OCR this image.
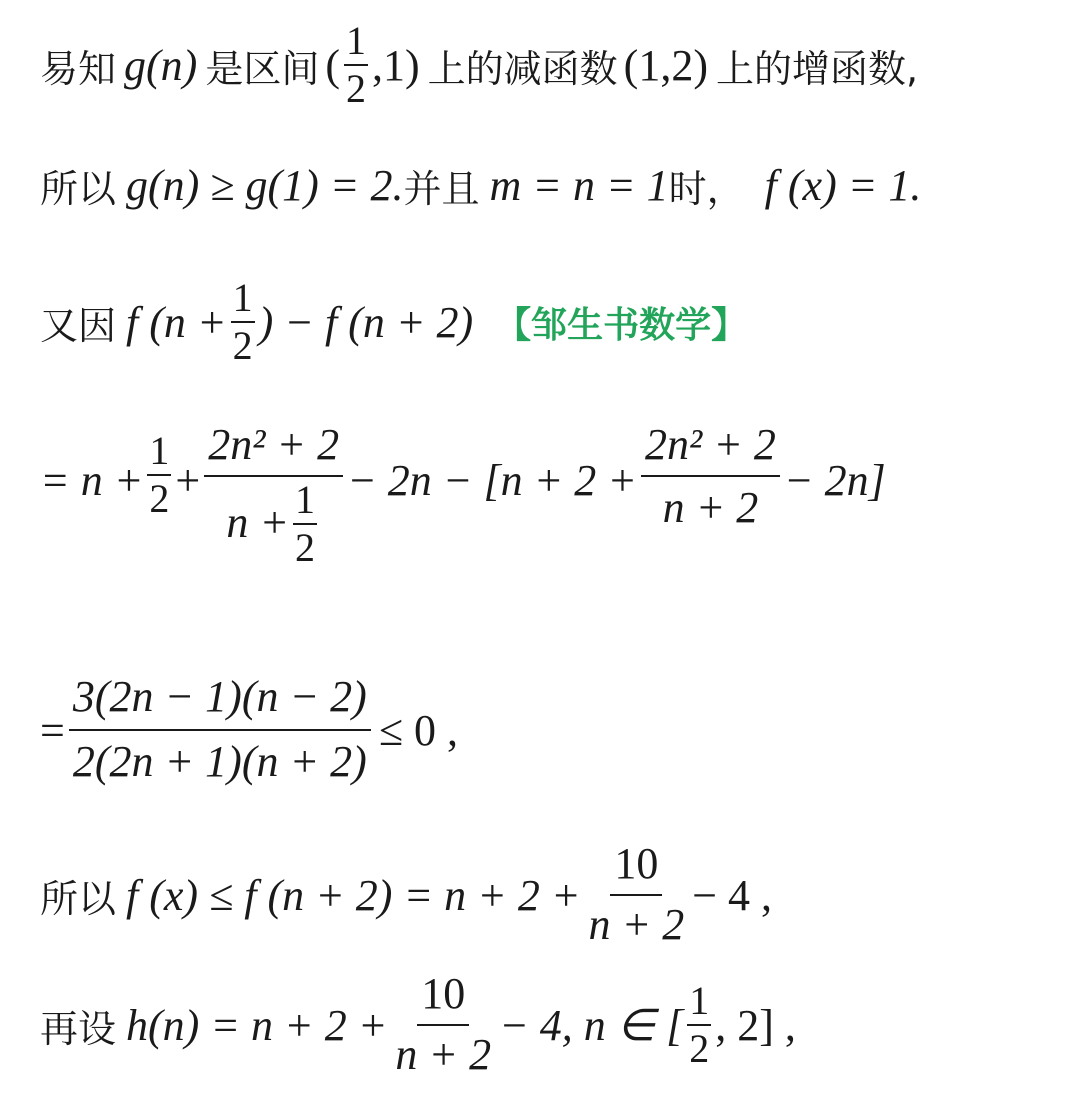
易知 g(n) 是区间 ( $\frac{1}{2} ,1$) 上的减函数 (1,2) 上的增函数,
所以 g(n) ≥ g(1) = 2. 并且 m = n = 1 时， f (x) = 1.
又因 f ($n + \frac{1}{2}$ ) − f (n + 2) 【邹生书数学】
= $n + \frac{1}{2} + \frac{\text{2n² + 2}}{n + \frac{1}{2}} - 2n - [n + 2 + \frac{\text{2n² + 2}}{n + 2} - 2n]$
= $\frac{3(2n - 1)(n - 2)}{2(2n + 1)(n + 2)} \le 0$ ,
所以 f (x) ≤ f $(n + 2) = n + 2 + \frac{10}{n + 2} - 4$ ,
再设 $h(n) = n + 2 + \frac{10}{n + 2} - 4$, n ∈ [ $\frac{1}{2}$ , 2] ,
